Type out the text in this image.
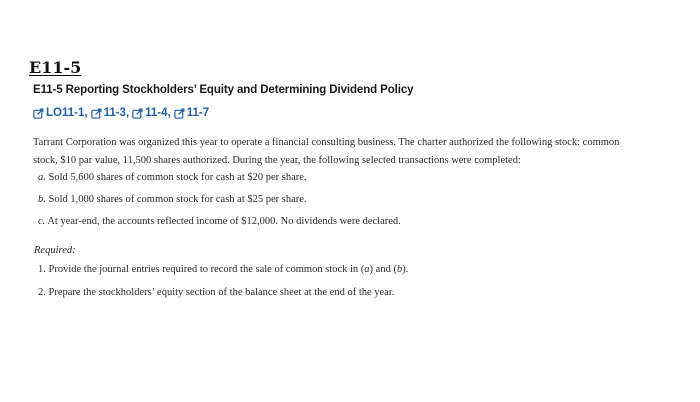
E11-5
E11-5 Reporting Stockholders’ Equity and Determining Dividend Policy
LO11-1, 11-3, 11-4, 11-7
Tarrant Corporation was organized this year to operate a financial consulting business. The charter authorized the following stock: common
stock, $10 par value, 11,500 shares authorized. During the year, the following selected transactions were completed:
a. Sold 5,600 shares of common stock for cash at $20 per share.
b. Sold 1,000 shares of common stock for cash at $25 per share.
c. At year-end, the accounts reflected income of $12,000. No dividends were declared.
Required:
1. Provide the journal entries required to record the sale of common stock in (a) and (b).
2. Prepare the stockholders’ equity section of the balance sheet at the end of the year.
